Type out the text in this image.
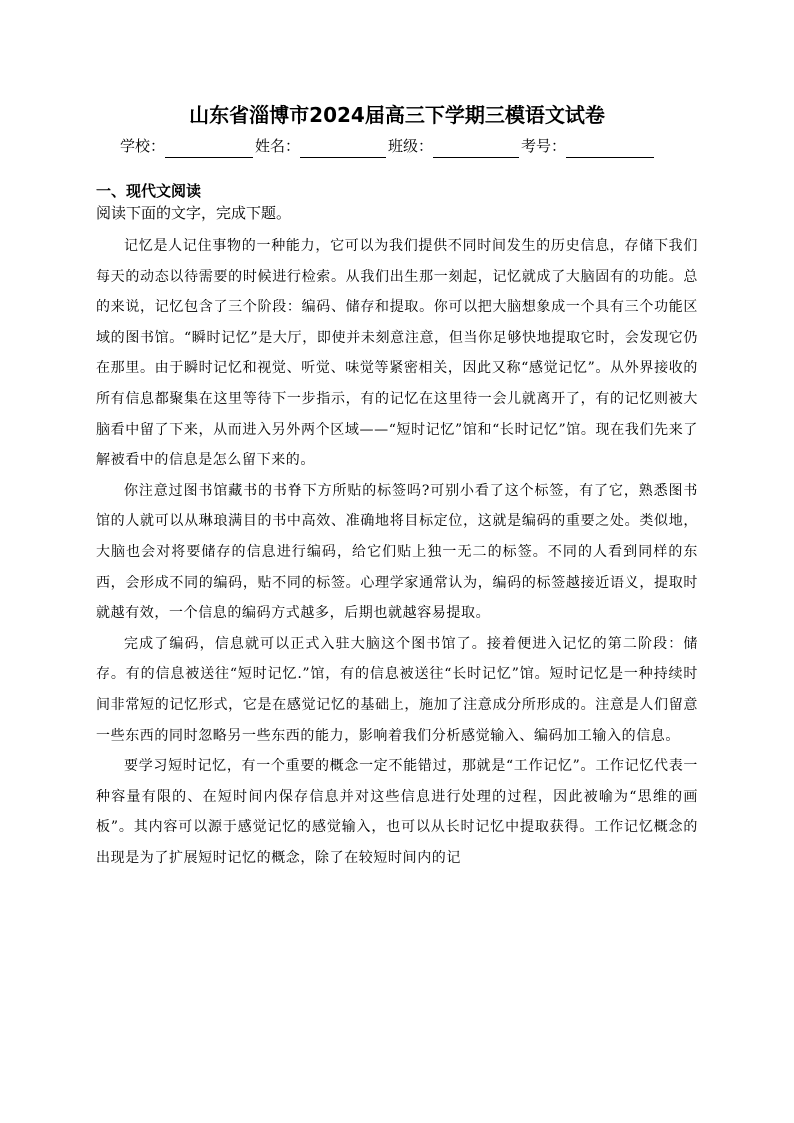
山东省淄博市2024届高三下学期三模语文试卷
学校：	姓名：	班级：	考号：
一、现代文阅读
阅读下面的文字，完成下题。

记忆是人记住事物的一种能力，它可以为我们提供不同时间发生的历史信息，存储下我们每天的动态以待需要的时候进行检索。从我们出生那一刻起，记忆就成了大脑固有的功能。总的来说，记忆包含了三个阶段：编码、储存和提取。你可以把大脑想象成一个具有三个功能区域的图书馆。“瞬时记忆”是大厅，即使并未刻意注意，但当你足够快地提取它时，会发现它仍在那里。由于瞬时记忆和视觉、听觉、味觉等紧密相关，因此又称“感觉记忆”。从外界接收的所有信息都聚集在这里等待下一步指示，有的记忆在这里待一会儿就离开了，有的记忆则被大脑看中留了下来，从而进入另外两个区域——“短时记忆”馆和“长时记忆”馆。现在我们先来了解被看中的信息是怎么留下来的。

你注意过图书馆藏书的书脊下方所贴的标签吗?可别小看了这个标签，有了它，熟悉图书馆的人就可以从琳琅满目的书中高效、准确地将目标定位，这就是编码的重要之处。类似地，大脑也会对将要储存的信息进行编码，给它们贴上独一无二的标签。不同的人看到同样的东西，会形成不同的编码，贴不同的标签。心理学家通常认为，编码的标签越接近语义，提取时就越有效，一个信息的编码方式越多，后期也就越容易提取。

完成了编码，信息就可以正式入驻大脑这个图书馆了。接着便进入记忆的第二阶段：储存。有的信息被送往“短时记忆.”馆，有的信息被送往“长时记忆”馆。短时记忆是一种持续时间非常短的记忆形式，它是在感觉记忆的基础上，施加了注意成分所形成的。注意是人们留意一些东西的同时忽略另一些东西的能力，影响着我们分析感觉输入、编码加工输入的信息。

要学习短时记忆，有一个重要的概念一定不能错过，那就是“工作记忆”。工作记忆代表一种容量有限的、在短时间内保存信息并对这些信息进行处理的过程，因此被喻为“思维的画板”。其内容可以源于感觉记忆的感觉输入，也可以从长时记忆中提取获得。工作记忆概念的出现是为了扩展短时记忆的概念，除了在较短时间内的记
